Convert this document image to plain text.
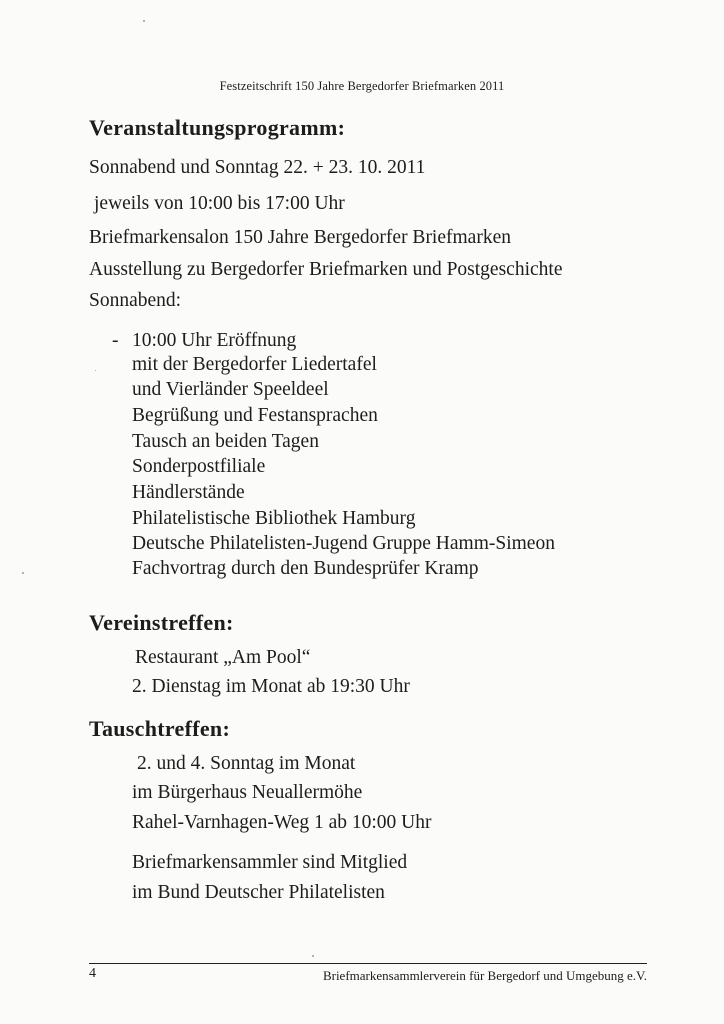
Festzeitschrift 150 Jahre Bergedorfer Briefmarken 2011
Veranstaltungsprogramm:
Sonnabend und Sonntag 22. + 23. 10. 2011
jeweils von 10:00 bis 17:00 Uhr
Briefmarkensalon 150 Jahre Bergedorfer Briefmarken
Ausstellung zu Bergedorfer Briefmarken und Postgeschichte
Sonnabend:
- 10:00 Uhr Eröffnung
mit der Bergedorfer Liedertafel
und Vierländer Speeldeel
Begrüßung und Festansprachen
Tausch an beiden Tagen
Sonderpostfiliale
Händlerstände
Philatelistische Bibliothek Hamburg
Deutsche Philatelisten-Jugend Gruppe Hamm-Simeon
Fachvortrag durch den Bundesprüfer Kramp
Vereinstreffen:
Restaurant „Am Pool“
2. Dienstag im Monat ab 19:30 Uhr
Tauschtreffen:
2. und 4. Sonntag im Monat
im Bürgerhaus Neuallermöhe
Rahel-Varnhagen-Weg 1 ab 10:00 Uhr
Briefmarkensammler sind Mitglied
im Bund Deutscher Philatelisten
4	Briefmarkensammlerverein für Bergedorf und Umgebung e.V.
